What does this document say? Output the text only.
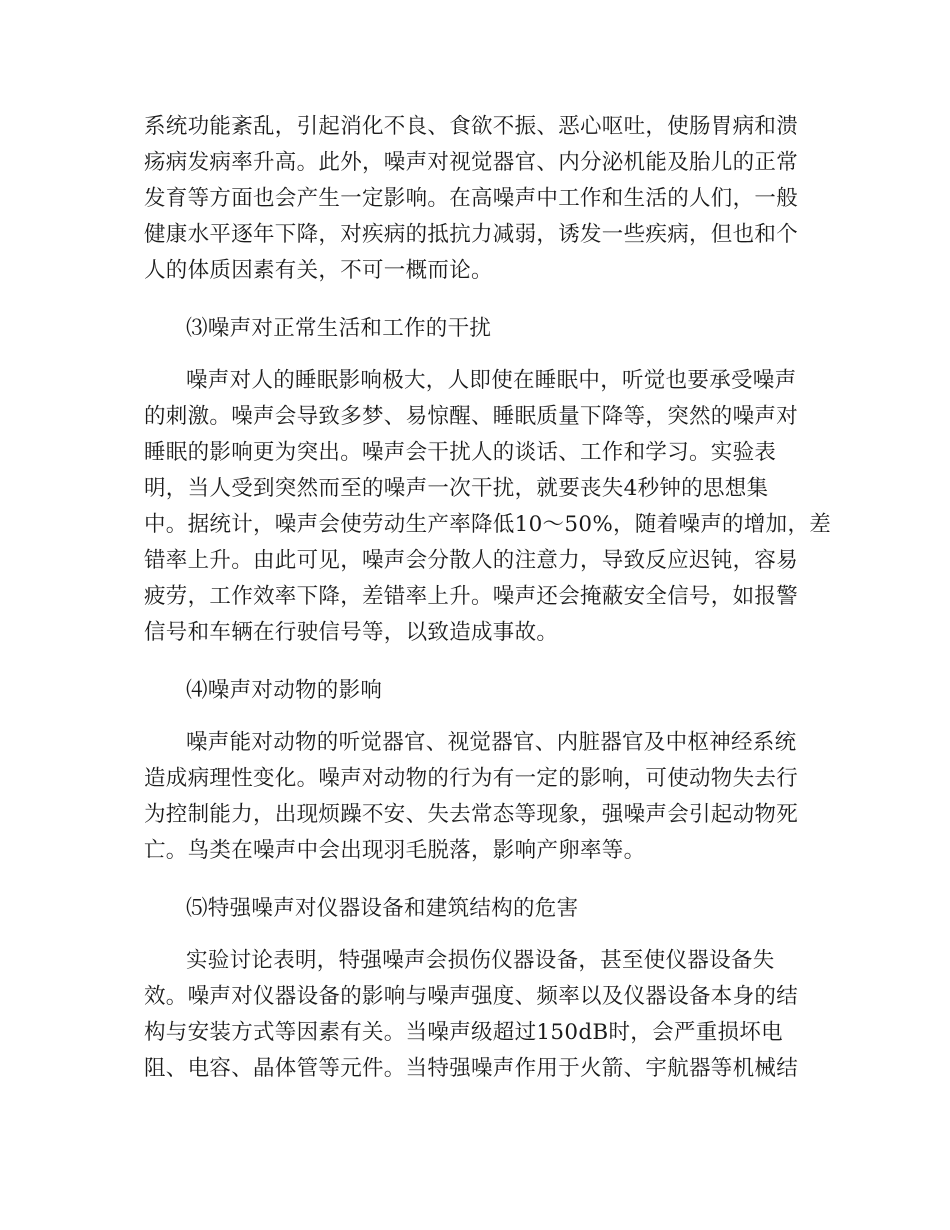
系统功能紊乱，引起消化不良、食欲不振、恶心呕吐，使肠胃病和溃
疡病发病率升高。此外，噪声对视觉器官、内分泌机能及胎儿的正常
发育等方面也会产生一定影响。在高噪声中工作和生活的人们，一般
健康水平逐年下降，对疾病的抵抗力减弱，诱发一些疾病，但也和个
人的体质因素有关，不可一概而论。
⑶噪声对正常生活和工作的干扰
噪声对人的睡眠影响极大，人即使在睡眠中，听觉也要承受噪声
的刺激。噪声会导致多梦、易惊醒、睡眠质量下降等，突然的噪声对
睡眠的影响更为突出。噪声会干扰人的谈话、工作和学习。实验表
明，当人受到突然而至的噪声一次干扰，就要丧失4秒钟的思想集
中。据统计，噪声会使劳动生产率降低10～50%，随着噪声的增加，差
错率上升。由此可见，噪声会分散人的注意力，导致反应迟钝，容易
疲劳，工作效率下降，差错率上升。噪声还会掩蔽安全信号，如报警
信号和车辆在行驶信号等，以致造成事故。
⑷噪声对动物的影响
噪声能对动物的听觉器官、视觉器官、内脏器官及中枢神经系统
造成病理性变化。噪声对动物的行为有一定的影响，可使动物失去行
为控制能力，出现烦躁不安、失去常态等现象，强噪声会引起动物死
亡。鸟类在噪声中会出现羽毛脱落，影响产卵率等。
⑸特强噪声对仪器设备和建筑结构的危害
实验讨论表明，特强噪声会损伤仪器设备，甚至使仪器设备失
效。噪声对仪器设备的影响与噪声强度、频率以及仪器设备本身的结
构与安装方式等因素有关。当噪声级超过150dB时，会严重损坏电
阻、电容、晶体管等元件。当特强噪声作用于火箭、宇航器等机械结
